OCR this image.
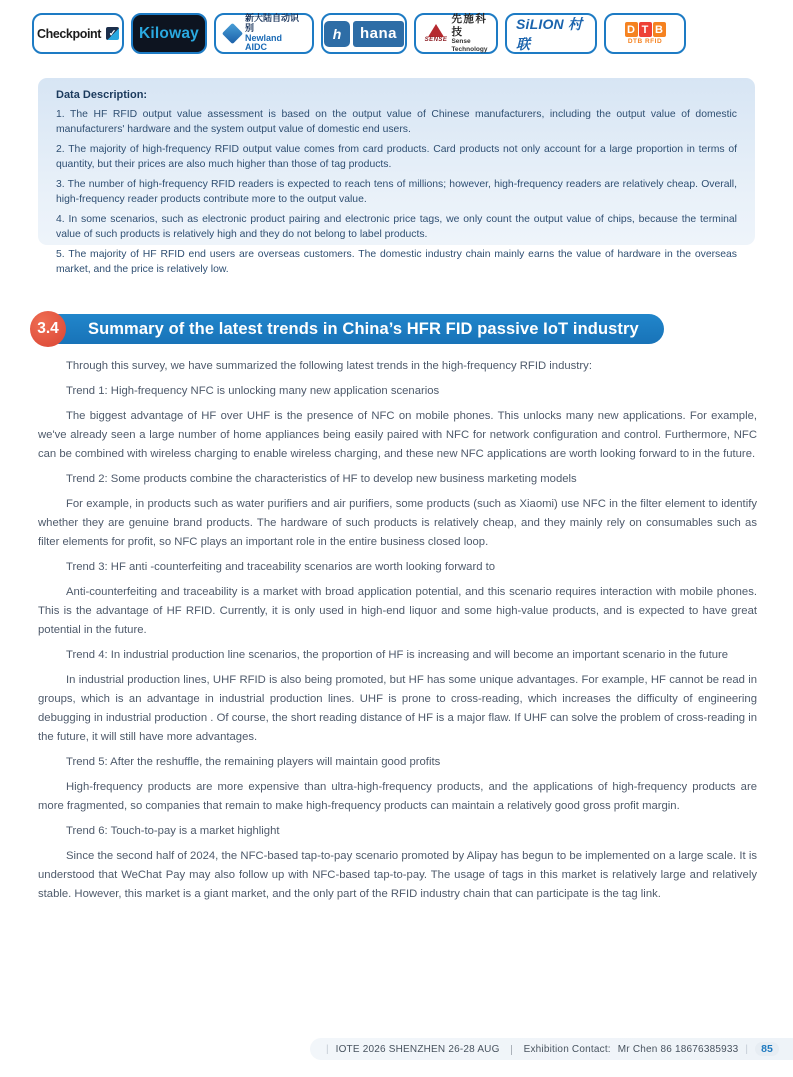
Checkpoint ✓ Kiloway
新大陆自动识别
Newland AIDC
h	hana	SENSE
先施科技
Sense Technology
SiLION 村联
D T B
DTB RFID
Data Description:

1. The HF RFID output value assessment is based on the output value of Chinese manufacturers, including the output value of domestic manufacturers' hardware and the system output value of domestic end users.

2. The majority of high-frequency RFID output value comes from card products. Card products not only account for a large proportion in terms of quantity, but their prices are also much higher than those of tag products.

3. The number of high-frequency RFID readers is expected to reach tens of millions; however, high-frequency readers are relatively cheap. Overall, high-frequency reader products contribute more to the output value.

4. In some scenarios, such as electronic product pairing and electronic price tags, we only count the output value of chips, because the terminal value of such products is relatively high and they do not belong to label products.

5. The majority of HF RFID end users are overseas customers. The domestic industry chain mainly earns the value of hardware in the overseas market, and the price is relatively low.

Summary of the latest trends in China’s HFR FID passive IoT industry
3.4

Through this survey, we have summarized the following latest trends in the high-frequency RFID industry:

Trend 1: High-frequency NFC is unlocking many new application scenarios

The biggest advantage of HF over UHF is the presence of NFC on mobile phones. This unlocks many new applications. For example, we've already seen a large number of home appliances being easily paired with NFC for network configuration and control. Furthermore, NFC can be combined with wireless charging to enable wireless charging, and these new NFC applications are worth looking forward to in the future.

Trend 2: Some products combine the characteristics of HF to develop new business marketing models

For example, in products such as water purifiers and air purifiers, some products (such as Xiaomi) use NFC in the filter element to identify whether they are genuine brand products. The hardware of such products is relatively cheap, and they mainly rely on consumables such as filter elements for profit, so NFC plays an important role in the entire business closed loop.

Trend 3: HF anti -counterfeiting and traceability scenarios are worth looking forward to

Anti-counterfeiting and traceability is a market with broad application potential, and this scenario requires interaction with mobile phones. This is the advantage of HF RFID. Currently, it is only used in high-end liquor and some high-value products, and is expected to have great potential in the future.

Trend 4: In industrial production line scenarios, the proportion of HF is increasing and will become an important scenario in the future

In industrial production lines, UHF RFID is also being promoted, but HF has some unique advantages. For example, HF cannot be read in groups, which is an advantage in industrial production lines. UHF is prone to cross-reading, which increases the difficulty of engineering debugging in industrial production . Of course, the short reading distance of HF is a major flaw. If UHF can solve the problem of cross-reading in the future, it will still have more advantages.

Trend 5: After the reshuffle, the remaining players will maintain good profits

High-frequency products are more expensive than ultra-high-frequency products, and the applications of high-frequency products are more fragmented, so companies that remain to make high-frequency products can maintain a relatively good gross profit margin.

Trend 6: Touch-to-pay is a market highlight

Since the second half of 2024, the NFC-based tap-to-pay scenario promoted by Alipay has begun to be implemented on a large scale. It is understood that WeChat Pay may also follow up with NFC-based tap-to-pay. The usage of tags in this market is relatively large and relatively stable. However, this market is a giant market, and the only part of the RFID industry chain that can participate is the tag link.

| IOTE 2026 SHENZHEN 26-28 AUG ｜ Exhibition Contact: Mr Chen 86 18676385933 |	85
